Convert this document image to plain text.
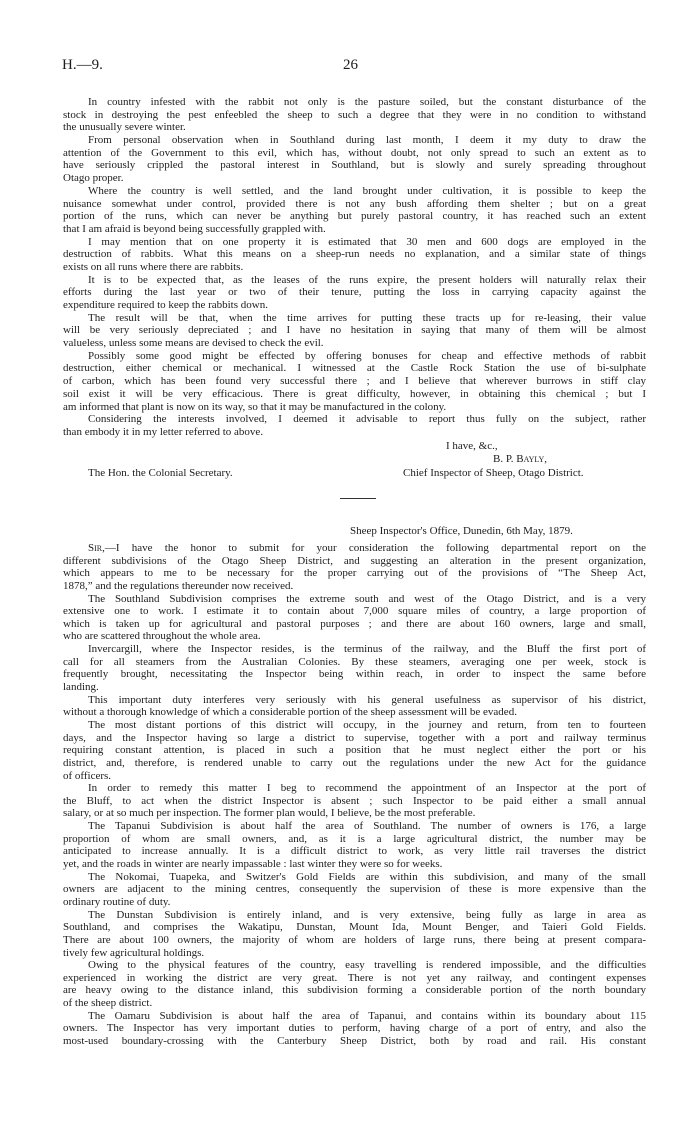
H.—9.	26
In country infested with the rabbit not only is the pasture soiled, but the constant disturbance of the
stock in destroying the pest enfeebled the sheep to such a degree that they were in no condition to withstand
the unusually severe winter.
From personal observation when in Southland during last month, I deem it my duty to draw the
attention of the Government to this evil, which has, without doubt, not only spread to such an extent as to
have seriously crippled the pastoral interest in Southland, but is slowly and surely spreading throughout
Otago proper.
Where the country is well settled, and the land brought under cultivation, it is possible to keep the
nuisance somewhat under control, provided there is not any bush affording them shelter ; but on a great
portion of the runs, which can never be anything but purely pastoral country, it has reached such an extent
that I am afraid is beyond being successfully grappled with.
I may mention that on one property it is estimated that 30 men and 600 dogs are employed in the
destruction of rabbits. What this means on a sheep-run needs no explanation, and a similar state of things
exists on all runs where there are rabbits.
It is to be expected that, as the leases of the runs expire, the present holders will naturally relax their
efforts during the last year or two of their tenure, putting the loss in carrying capacity against the
expenditure required to keep the rabbits down.
The result will be that, when the time arrives for putting these tracts up for re-leasing, their value
will be very seriously depreciated ; and I have no hesitation in saying that many of them will be almost
valueless, unless some means are devised to check the evil.
Possibly some good might be effected by offering bonuses for cheap and effective methods of rabbit
destruction, either chemical or mechanical. I witnessed at the Castle Rock Station the use of bi-sulphate
of carbon, which has been found very successful there ; and I believe that wherever burrows in stiff clay
soil exist it will be very efficacious. There is great difficulty, however, in obtaining this chemical ; but I
am informed that plant is now on its way, so that it may be manufactured in the colony.
Considering the interests involved, I deemed it advisable to report thus fully on the subject, rather
than embody it in my letter referred to above.
I have, &c.,
B. P. Bayly,
The Hon. the Colonial Secretary.	Chief Inspector of Sheep, Otago District.
Sheep Inspector's Office, Dunedin, 6th May, 1879.
Sir,—I have the honor to submit for your consideration the following departmental report on the
different subdivisions of the Otago Sheep District, and suggesting an alteration in the present organization,
which appears to me to be necessary for the proper carrying out of the provisions of “The Sheep Act,
1878,” and the regulations thereunder now received.
The Southland Subdivision comprises the extreme south and west of the Otago District, and is a very
extensive one to work. I estimate it to contain about 7,000 square miles of country, a large proportion of
which is taken up for agricultural and pastoral purposes ; and there are about 160 owners, large and small,
who are scattered throughout the whole area.
Invercargill, where the Inspector resides, is the terminus of the railway, and the Bluff the first port of
call for all steamers from the Australian Colonies. By these steamers, averaging one per week, stock is
frequently brought, necessitating the Inspector being within reach, in order to inspect the same before
landing.
This important duty interferes very seriously with his general usefulness as supervisor of his district,
without a thorough knowledge of which a considerable portion of the sheep assessment will be evaded.
The most distant portions of this district will occupy, in the journey and return, from ten to fourteen
days, and the Inspector having so large a district to supervise, together with a port and railway terminus
requiring constant attention, is placed in such a position that he must neglect either the port or his
district, and, therefore, is rendered unable to carry out the regulations under the new Act for the guidance
of officers.
In order to remedy this matter I beg to recommend the appointment of an Inspector at the port of
the Bluff, to act when the district Inspector is absent ; such Inspector to be paid either a small annual
salary, or at so much per inspection. The former plan would, I believe, be the most preferable.
The Tapanui Subdivision is about half the area of Southland. The number of owners is 176, a large
proportion of whom are small owners, and, as it is a large agricultural district, the number may be
anticipated to increase annually. It is a difficult district to work, as very little rail traverses the district
yet, and the roads in winter are nearly impassable : last winter they were so for weeks.
The Nokomai, Tuapeka, and Switzer's Gold Fields are within this subdivision, and many of the small
owners are adjacent to the mining centres, consequently the supervision of these is more expensive than the
ordinary routine of duty.
The Dunstan Subdivision is entirely inland, and is very extensive, being fully as large in area as
Southland, and comprises the Wakatipu, Dunstan, Mount Ida, Mount Benger, and Taieri Gold Fields.
There are about 100 owners, the majority of whom are holders of large runs, there being at present compara-
tively few agricultural holdings.
Owing to the physical features of the country, easy travelling is rendered impossible, and the difficulties
experienced in working the district are very great. There is not yet any railway, and contingent expenses
are heavy owing to the distance inland, this subdivision forming a considerable portion of the north boundary
of the sheep district.
The Oamaru Subdivision is about half the area of Tapanui, and contains within its boundary about 115
owners. The Inspector has very important duties to perform, having charge of a port of entry, and also the
most-used boundary-crossing with the Canterbury Sheep District, both by road and rail. His constant
